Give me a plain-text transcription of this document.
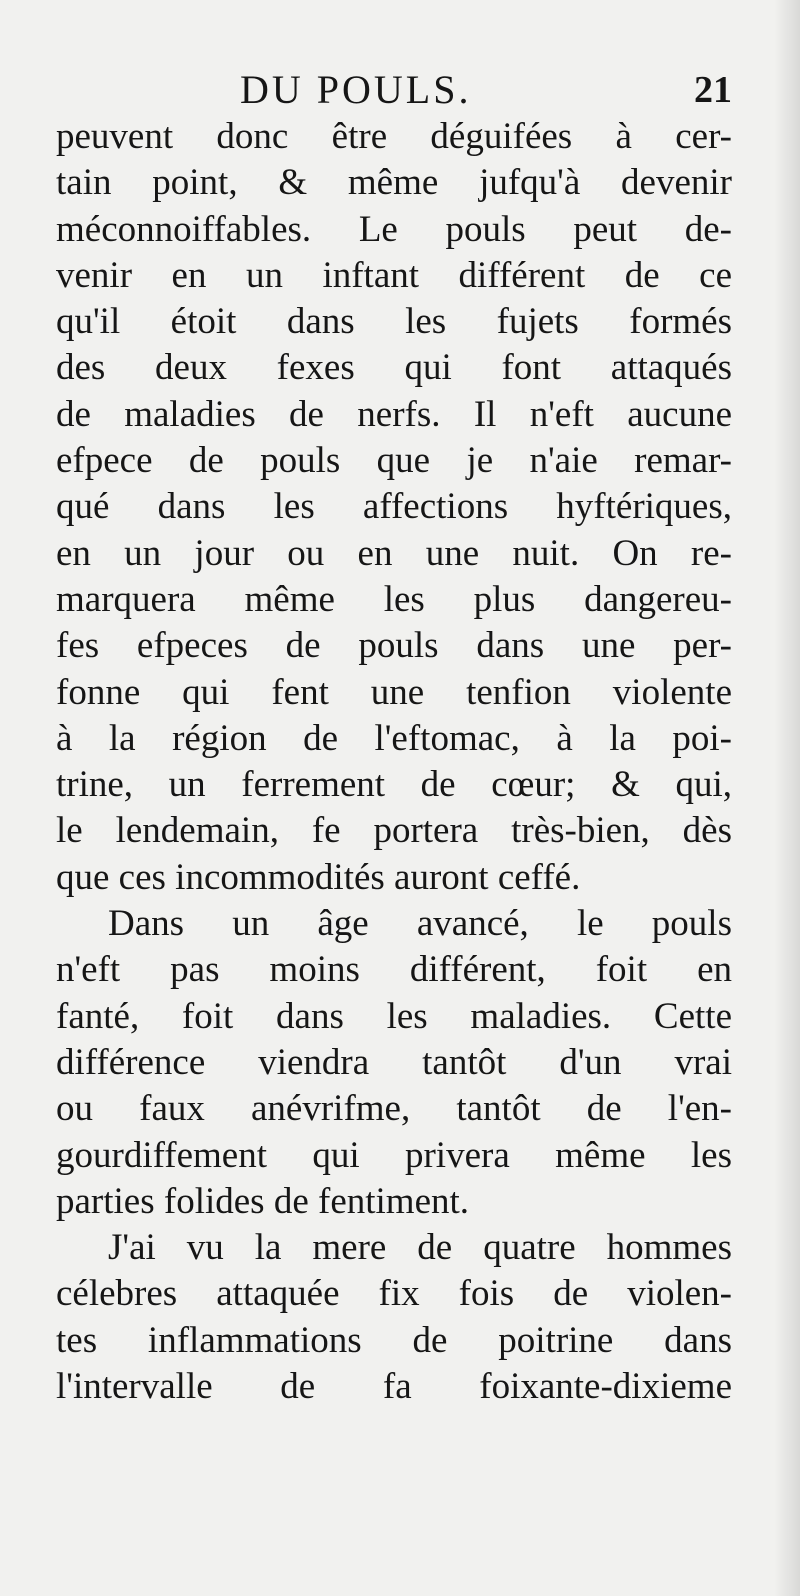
DU POULS.	21
peuvent donc être déguifées à cer-
tain point, & même jufqu'à devenir
méconnoiffables. Le pouls peut de-
venir en un inftant différent de ce
qu'il étoit dans les fujets formés
des deux fexes qui font attaqués
de maladies de nerfs. Il n'eft aucune
efpece de pouls que je n'aie remar-
qué dans les affections hyftériques,
en un jour ou en une nuit. On re-
marquera même les plus dangereu-
fes efpeces de pouls dans une per-
fonne qui fent une tenfion violente
à la région de l'eftomac, à la poi-
trine, un ferrement de cœur; & qui,
le lendemain, fe portera très-bien, dès
que ces incommodités auront ceffé.
Dans un âge avancé, le pouls
n'eft pas moins différent, foit en
fanté, foit dans les maladies. Cette
différence viendra tantôt d'un vrai
ou faux anévrifme, tantôt de l'en-
gourdiffement qui privera même les
parties folides de fentiment.
J'ai vu la mere de quatre hommes
célebres attaquée fix fois de violen-
tes inflammations de poitrine dans
l'intervalle de fa foixante-dixieme
